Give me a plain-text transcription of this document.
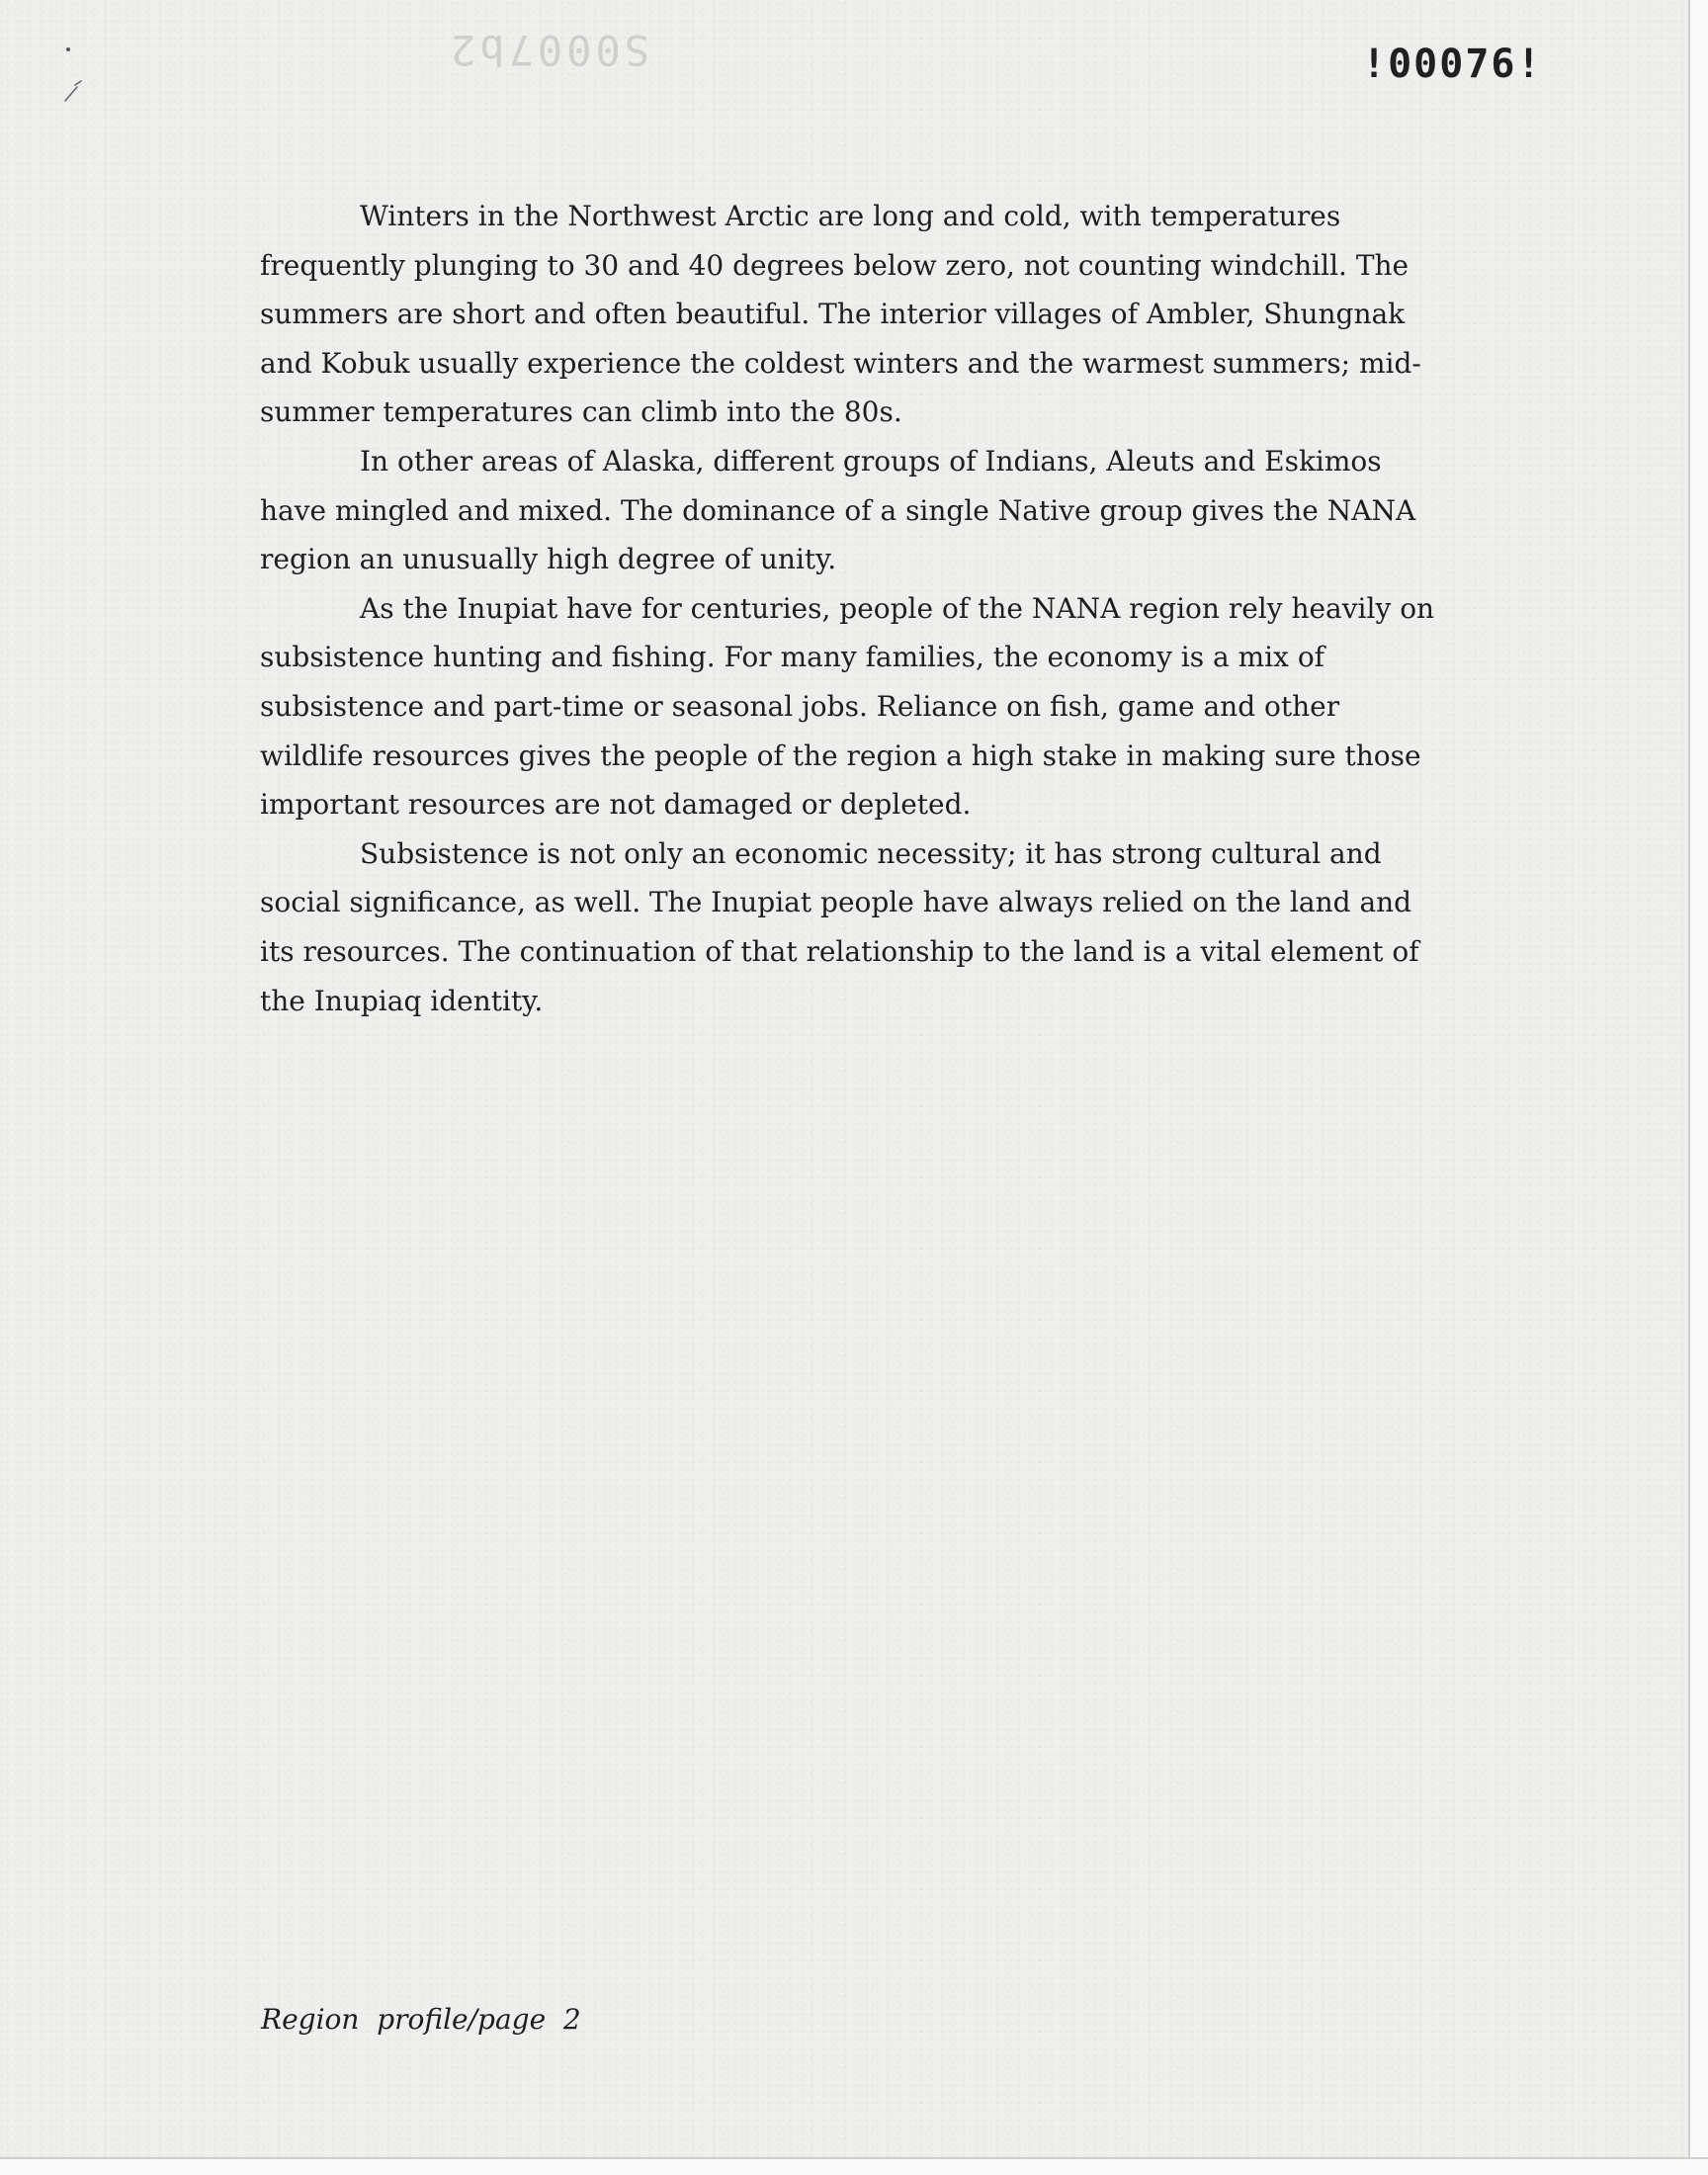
S0007b2	!00076!

Winters in the Northwest Arctic are long and cold, with temperatures frequently plunging to 30 and 40 degrees below zero, not counting windchill. The summers are short and often beautiful. The interior villages of Ambler, Shungnak and Kobuk usually experience the coldest winters and the warmest summers; mid-summer temperatures can climb into the 80s.

In other areas of Alaska, different groups of Indians, Aleuts and Eskimos have mingled and mixed. The dominance of a single Native group gives the NANA region an unusually high degree of unity.

As the Inupiat have for centuries, people of the NANA region rely heavily on subsistence hunting and fishing. For many families, the economy is a mix of subsistence and part-time or seasonal jobs. Reliance on fish, game and other wildlife resources gives the people of the region a high stake in making sure those important resources are not damaged or depleted.

Subsistence is not only an economic necessity; it has strong cultural and social significance, as well. The Inupiat people have always relied on the land and its resources. The continuation of that relationship to the land is a vital element of the Inupiaq identity.

Region  profile/page  2
